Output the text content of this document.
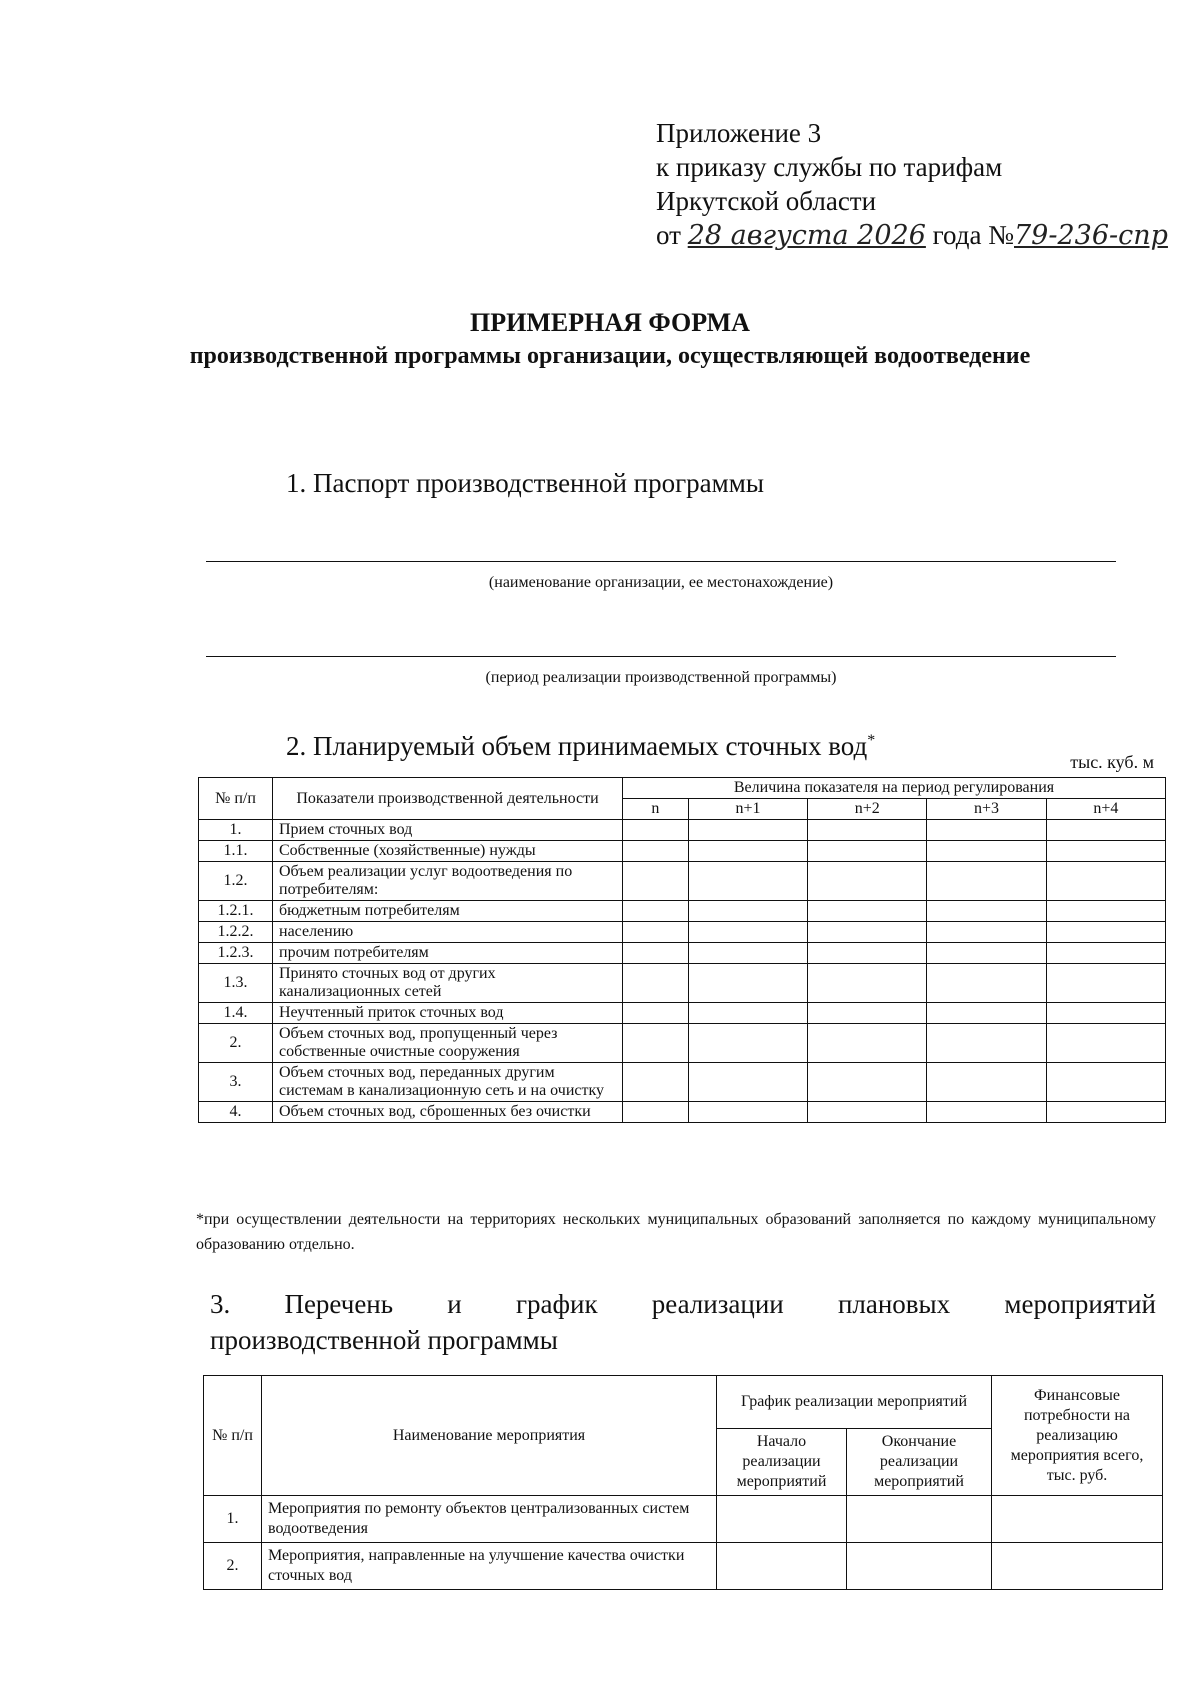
Приложение 3
к приказу службы по тарифам
Иркутской области
от 28 августа 2026 года №79-236-спр
ПРИМЕРНАЯ ФОРМА
производственной программы организации, осуществляющей водоотведение
1. Паспорт производственной программы
(наименование организации, ее местонахождение)
(период реализации производственной программы)
2. Планируемый объем принимаемых сточных вод*
тыс. куб. м
№ п/п	Показатели производственной деятельности	Величина показателя на период регулирования				
		n	n+1	n+2	n+3	n+4
1.	Прием сточных вод					
1.1.	Собственные (хозяйственные) нужды					
1.2.	Объем реализации услуг водоотведения по потребителям:					
1.2.1.	бюджетным потребителям					
1.2.2.	населению					
1.2.3.	прочим потребителям					
1.3.	Принято сточных вод от других канализационных сетей					
1.4.	Неучтенный приток сточных вод					
2.	Объем сточных вод, пропущенный через собственные очистные сооружения					
3.	Объем сточных вод, переданных другим системам в канализационную сеть и на очистку					
4.	Объем сточных вод, сброшенных без очистки					
*при осуществлении деятельности на территориях нескольких муниципальных образований заполняется по каждому муниципальному образованию отдельно.
3. Перечень и график реализации плановых мероприятий
производственной программы
№ п/п	Наименование мероприятия	График реализации мероприятий		Финансовые потребности на реализацию мероприятия всего, тыс. руб.
		Начало реализации мероприятий	Окончание реализации мероприятий	
1.	Мероприятия по ремонту объектов централизованных систем водоотведения			
2.	Мероприятия, направленные на улучшение качества очистки сточных вод			
